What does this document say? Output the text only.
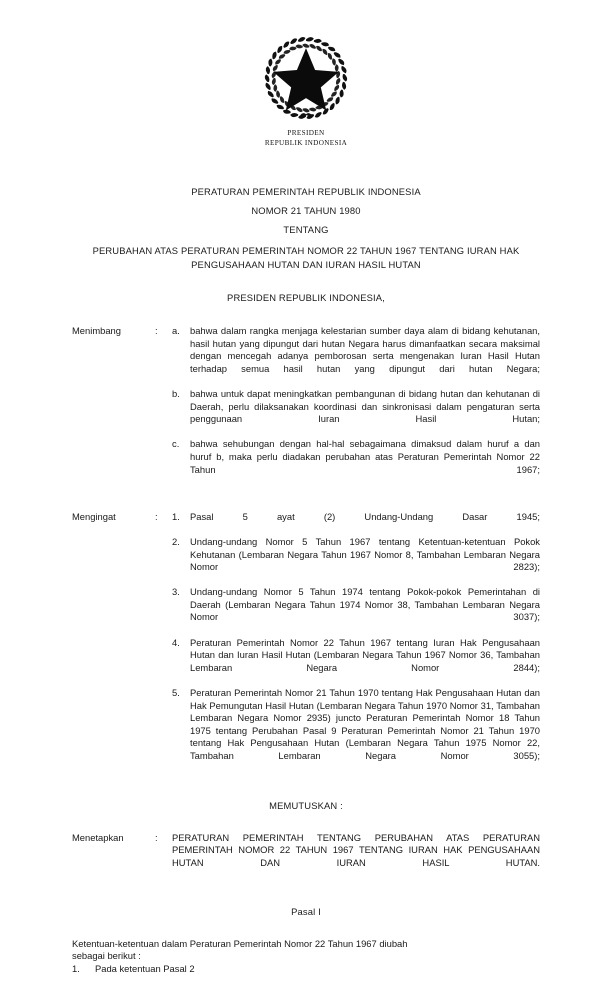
PRESIDEN
REPUBLIK INDONESIA
PERATURAN PEMERINTAH REPUBLIK INDONESIA
NOMOR 21 TAHUN 1980
TENTANG
PERUBAHAN ATAS PERATURAN PEMERINTAH NOMOR 22 TAHUN 1967 TENTANG IURAN HAK PENGUSAHAAN HUTAN DAN IURAN HASIL HUTAN
PRESIDEN REPUBLIK INDONESIA,
Menimbang	:	a.	bahwa dalam rangka menjaga kelestarian sumber daya alam di bidang kehutanan, hasil hutan yang dipungut dari hutan Negara harus dimanfaatkan secara maksimal dengan mencegah adanya pemborosan serta mengenakan Iuran Hasil Hutan terhadap semua hasil hutan yang dipungut dari hutan Negara;
b.	bahwa untuk dapat meningkatkan pembangunan di bidang hutan dan kehutanan di Daerah, perlu dilaksanakan koordinasi dan sinkronisasi dalam pengaturan serta penggunaan Iuran Hasil Hutan;
c.	bahwa sehubungan dengan hal-hal sebagaimana dimaksud dalam huruf a dan huruf b, maka perlu diadakan perubahan atas Peraturan Pemerintah Nomor 22 Tahun 1967;
Mengingat	:	1.	Pasal 5 ayat (2) Undang-Undang Dasar 1945;
2.	Undang-undang Nomor 5 Tahun 1967 tentang Ketentuan-ketentuan Pokok Kehutanan (Lembaran Negara Tahun 1967 Nomor 8, Tambahan Lembaran Negara Nomor 2823);
3.	Undang-undang Nomor 5 Tahun 1974 tentang Pokok-pokok Pemerintahan di Daerah (Lembaran Negara Tahun 1974 Nomor 38, Tambahan Lembaran Negara Nomor 3037);
4.	Peraturan Pemerintah Nomor 22 Tahun 1967 tentang Iuran Hak Pengusahaan Hutan dan Iuran Hasil Hutan (Lembaran Negara Tahun 1967 Nomor 36, Tambahan Lembaran Negara Nomor 2844);
5.	Peraturan Pemerintah Nomor 21 Tahun 1970 tentang Hak Pengusahaan Hutan dan Hak Pemungutan Hasil Hutan (Lembaran Negara Tahun 1970 Nomor 31, Tambahan Lembaran Negara Nomor 2935) juncto Peraturan Pemerintah Nomor 18 Tahun 1975 tentang Perubahan Pasal 9 Peraturan Pemerintah Nomor 21 Tahun 1970 tentang Hak Pengusahaan Hutan (Lembaran Negara Tahun 1975 Nomor 22, Tambahan Lembaran Negara Nomor 3055);
MEMUTUSKAN :
Menetapkan	:	PERATURAN PEMERINTAH TENTANG PERUBAHAN ATAS PERATURAN PEMERINTAH NOMOR 22 TAHUN 1967 TENTANG IURAN HAK PENGUSAHAAN HUTAN DAN IURAN HASIL HUTAN.
Pasal I

Ketentuan-ketentuan dalam Peraturan Pemerintah Nomor 22 Tahun 1967 diubah

sebagai berikut :

1.	Pada ketentuan Pasal 2
